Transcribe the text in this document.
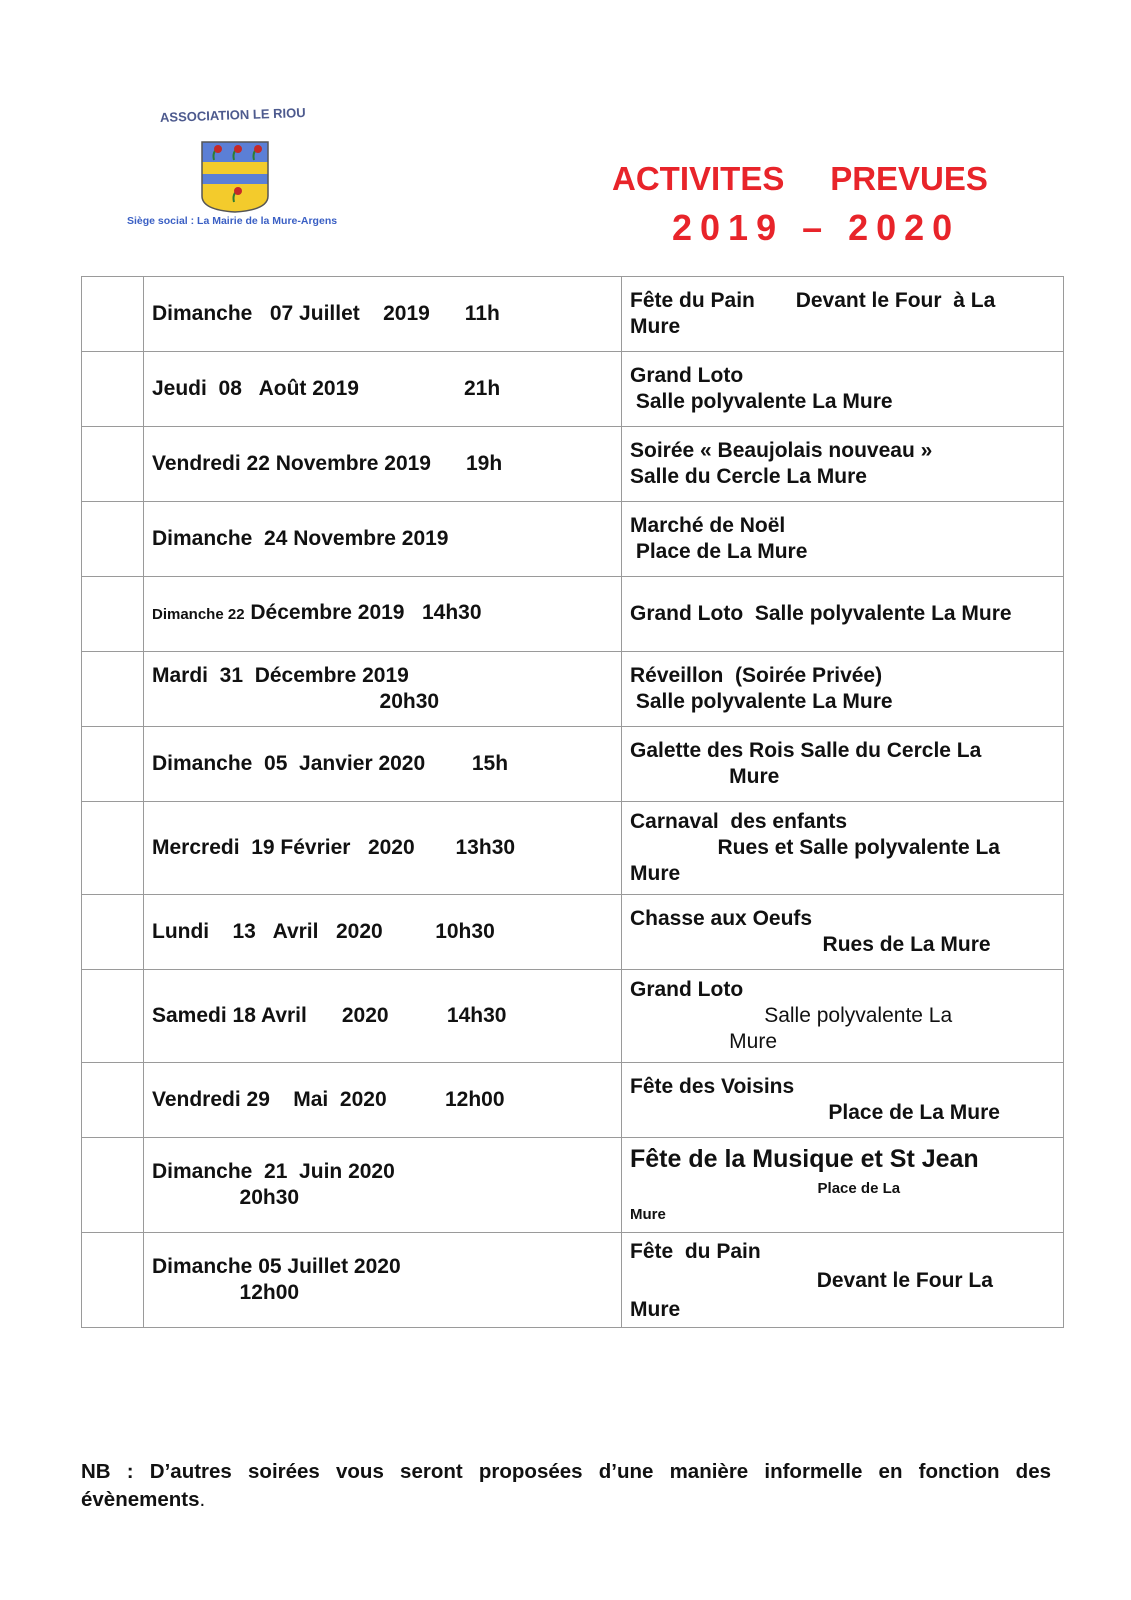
ASSOCIATION LE RIOU
Siège social : La Mairie de la Mure-Argens
ACTIVITES     PREVUES
2019 – 2020
	Dimanche   07 Juillet    2019      11h	Fête du Pain       Devant le Four  à La
Mure
	Jeudi  08   Août 2019                  21h	Grand Loto
Salle polyvalente La Mure
	Vendredi 22 Novembre 2019      19h	Soirée « Beaujolais nouveau »
Salle du Cercle La Mure
	Dimanche  24 Novembre 2019	Marché de Noël
Place de La Mure
	Dimanche 22 Décembre 2019   14h30	Grand Loto  Salle polyvalente La Mure
	Mardi  31  Décembre 2019
20h30	Réveillon  (Soirée Privée)
Salle polyvalente La Mure
	Dimanche  05  Janvier 2020        15h	Galette des Rois Salle du Cercle La
Mure
	Mercredi  19 Février   2020       13h30	Carnaval  des enfants
Rues et Salle polyvalente La
Mure
	Lundi    13   Avril   2020         10h30	Chasse aux Oeufs
Rues de La Mure
	Samedi 18 Avril      2020          14h30	Grand Loto
Salle polyvalente La
Mure
	Vendredi 29    Mai  2020          12h00	Fête des Voisins
Place de La Mure
	Dimanche  21  Juin 2020
20h30	Fête de la Musique et St Jean
Place de La
Mure
	Dimanche 05 Juillet 2020
12h00	Fête  du Pain
Devant le Four La
Mure
NB : D’autres soirées vous seront proposées d’une manière informelle en fonction des évènements.
